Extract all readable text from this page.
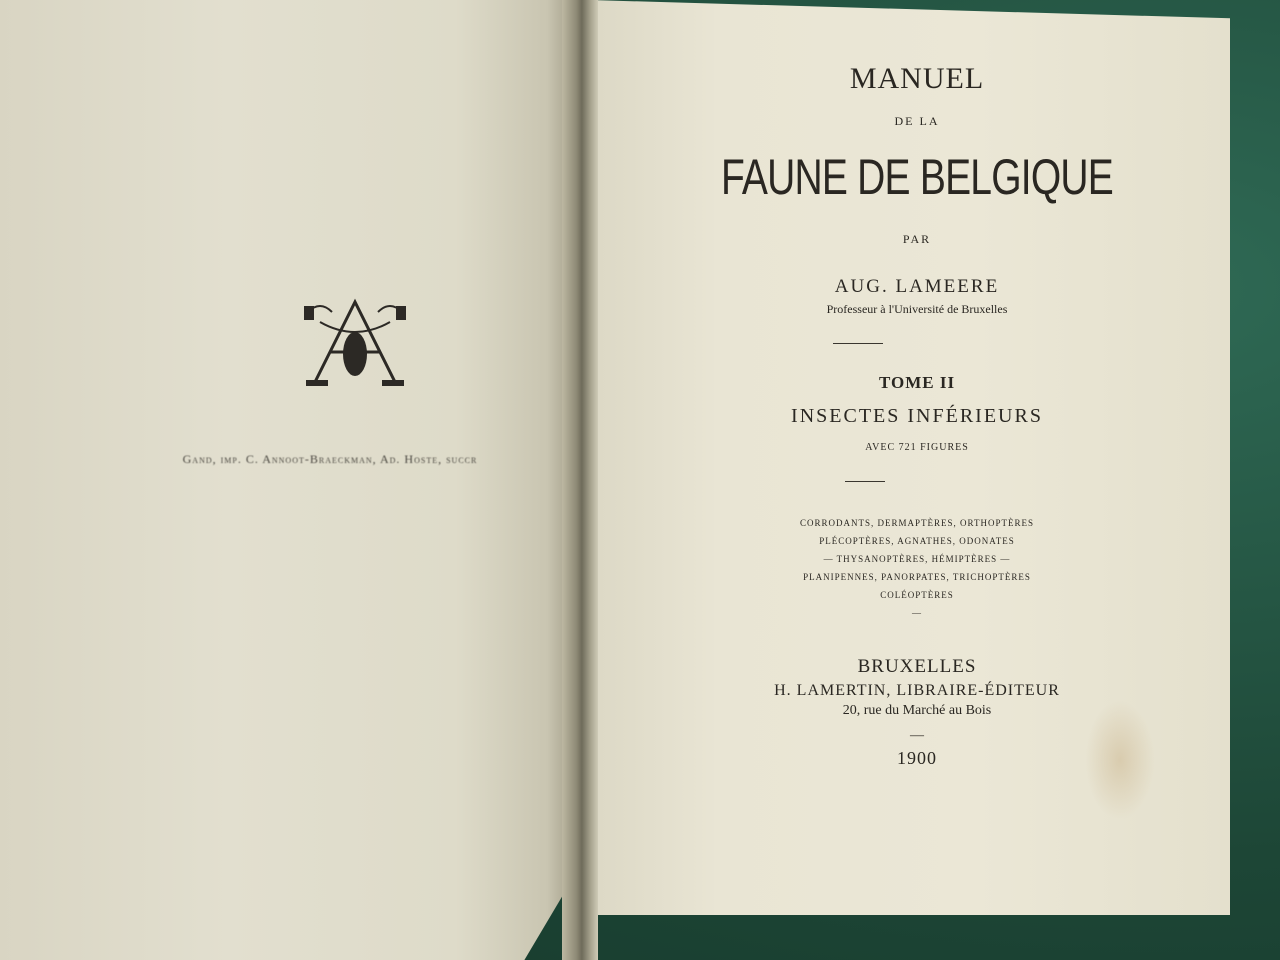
Gand, imp. C. Annoot-Braeckman, Ad. Hoste, succr
MANUEL
DE LA
FAUNE DE BELGIQUE
PAR
AUG. LAMEERE
Professeur à l'Université de Bruxelles
TOME II
INSECTES INFÉRIEURS
AVEC 721 FIGURES
CORRODANTS, DERMAPTÈRES, ORTHOPTÈRES
PLÉCOPTÈRES, AGNATHES, ODONATES
— THYSANOPTÈRES, HÉMIPTÈRES —
PLANIPENNES, PANORPATES, TRICHOPTÈRES
COLÉOPTÈRES
—
BRUXELLES
H. LAMERTIN, LIBRAIRE-ÉDITEUR
20, rue du Marché au Bois
—
1900
